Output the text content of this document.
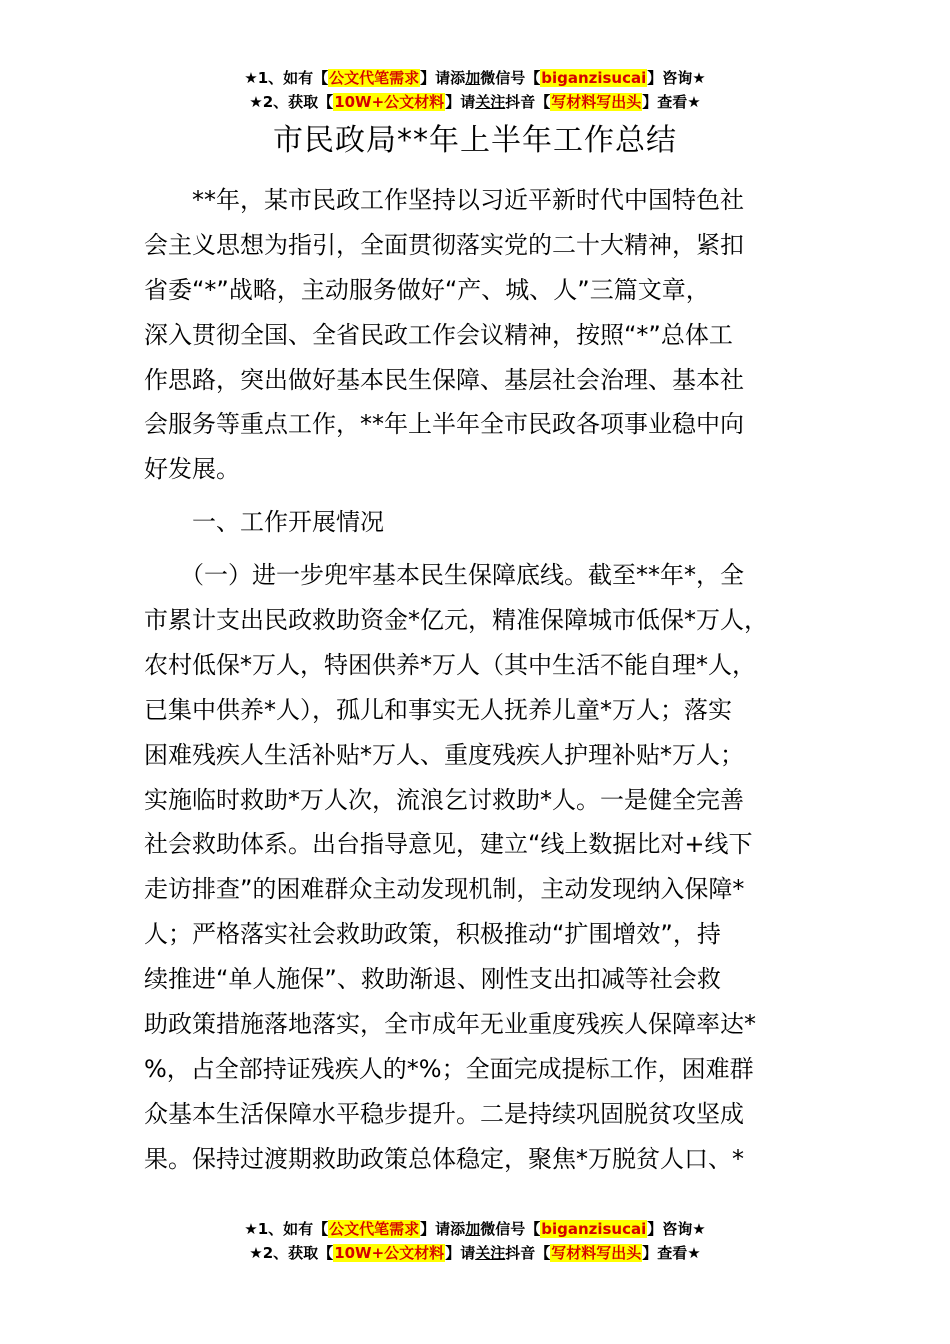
★1、如有【公文代笔需求】请添加微信号【biganzisucai】咨询★
★2、获取【10W+公文材料】请关注抖音【写材料写出头】查看★
市民政局**年上半年工作总结
　　**年，某市民政工作坚持以习近平新时代中国特色社
会主义思想为指引，全面贯彻落实党的二十大精神，紧扣
省委“*”战略，主动服务做好“产、城、人”三篇文章，
深入贯彻全国、全省民政工作会议精神，按照“*”总体工
作思路，突出做好基本民生保障、基层社会治理、基本社
会服务等重点工作，**年上半年全市民政各项事业稳中向
好发展。
　　一、工作开展情况
　　（一）进一步兜牢基本民生保障底线。截至**年*，全
市累计支出民政救助资金*亿元，精准保障城市低保*万人，
农村低保*万人，特困供养*万人（其中生活不能自理*人，
已集中供养*人），孤儿和事实无人抚养儿童*万人；落实
困难残疾人生活补贴*万人、重度残疾人护理补贴*万人；
实施临时救助*万人次，流浪乞讨救助*人。一是健全完善
社会救助体系。出台指导意见，建立“线上数据比对+线下
走访排查”的困难群众主动发现机制，主动发现纳入保障*
人；严格落实社会救助政策，积极推动“扩围增效”，持
续推进“单人施保”、救助渐退、刚性支出扣减等社会救
助政策措施落地落实，全市成年无业重度残疾人保障率达*
%，占全部持证残疾人的*%；全面完成提标工作，困难群
众基本生活保障水平稳步提升。二是持续巩固脱贫攻坚成
果。保持过渡期救助政策总体稳定，聚焦*万脱贫人口、*
★1、如有【公文代笔需求】请添加微信号【biganzisucai】咨询★
★2、获取【10W+公文材料】请关注抖音【写材料写出头】查看★
